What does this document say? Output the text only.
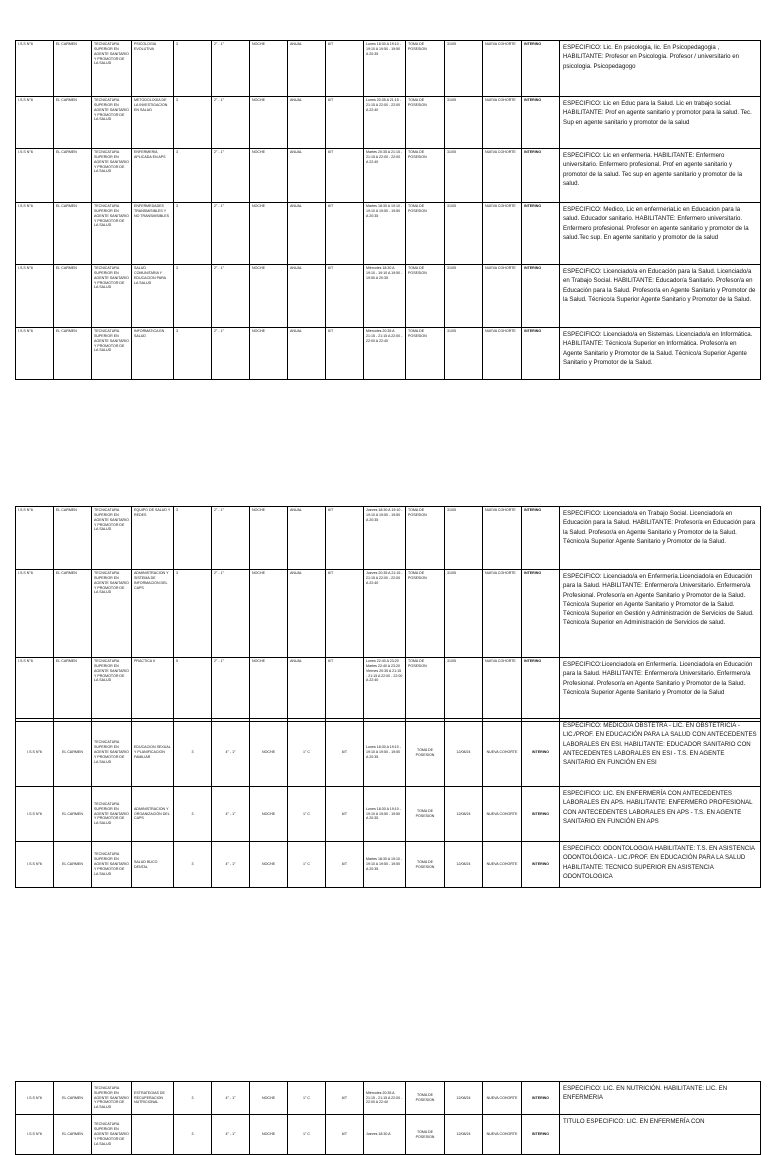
I.S.S N°6	EL CARMEN	TECNICATURA SUPERIOR EN AGENTE SANITARIO Y PROMOTOR DE LA SALUD	PSICOLOGIA EVOLUTIVA	3	2° - 1°	NOCHE	ANUAL	6/T	Lunes 18:30 A 19:10 - 19:10 A 19:50 - 19:50 A 20:35	TOMA DE POSESION	31/05	NUEVA COHORTE	INTERINO	ESPECIFICO: Lic. En psicologia, lic. En Psicopedagogia , HABILITANTE: Profesor en Psicologia. Profesor / universitario en psicologia. Psicopedagogo
I.S.S N°6	EL CARMEN	TECNICATURA SUPERIOR EN AGENTE SANITARIO Y PROMOTOR DE LA SALUD	METODOLOGIA DE LA INVESTIGACION EN SALUD	3	2° - 1°	NOCHE	ANUAL	6/T	Lunes 20:35 A 21:15 - 21:15 A 22:00 - 22:00 A 22:40	TOMA DE POSESION	31/05	NUEVA COHORTE	INTERINO	ESPECIFICO: Lic en Educ para la Salud. Lic en trabajo social. HABILITANTE: Prof en agente sanitario y promotor para la salud. Tec. Sup en agente sanitario y promotor de la salud
I.S.S N°6	EL CARMEN	TECNICATURA SUPERIOR EN AGENTE SANITARIO Y PROMOTOR DE LA SALUD	ENFERMERIA APLICADA EN APS	3	2° - 1°	NOCHE	ANUAL	6/T	Martes 20:35 A 21:15 - 21:15 A 22:00 - 22:00 A 22:40	TOMA DE POSESION	31/05	NUEVA COHORTE	INTERINO	ESPECIFICO: Lic en enfermeria. HABILITANTE: Enfermero universitario. Enfermero profesional. Prof en agente sanitario y promotor de la salud. Tec sup en agente sanitario y promotor de la salud.
I.S.S N°6	EL CARMEN	TECNICATURA SUPERIOR EN AGENTE SANITARIO Y PROMOTOR DE LA SALUD	ENFERMEDADES TRANSMISIBLES Y NO TRANSMISIBLES	3	2° - 1°	NOCHE	ANUAL	6/T	Martes 18:30 A 19:10 - 19:10 A 19:50 - 19:50 A 20:35	TOMA DE POSESION	31/05	NUEVA COHORTE	INTERINO	ESPECIFICO: Medico, Lic en enfermeriaLic en Educacion para la salud. Educador sanitario. HABILITANTE: Enfermero universitario. Enfermero profesional. Profesor en agente sanitario y promotor de la salud.Tec sup. En agente sanitario y promotor de la salud
I.S.S N°6	EL CARMEN	TECNICATURA SUPERIOR EN AGENTE SANITARIO Y PROMOTOR DE LA SALUD	SALUD COMUNITARIA Y EDUCACION PARA LA SALUD	3	2° - 1°	NOCHE	ANUAL	6/T	Miércoles 18:30 A 19:10 - 19:10 A 19:50 - 19:50 A 20:35	TOMA DE POSESION	31/05	NUEVA COHORTE	INTERINO	ESPECIFICO: Licenciado/a en Educación para la Salud. Licenciado/a en Trabajo Social. HABILITANTE: Educador/a Sanitario. Profesor/a en Educación para la Salud. Profesor/a en Agente Sanitario y Promotor de la Salud. Técnico/a Superior Agente Sanitario y Promotor de la Salud.
I.S.S N°6	EL CARMEN	TECNICATURA SUPERIOR EN AGENTE SANITARIO Y PROMOTOR DE LA SALUD	INFORMATICA EN SALUD	3	2° - 1°	NOCHE	ANUAL	6/T	Miércoles 20:35 A 21:15 - 21:15 A 22:00 - 22:00 A 22:40	TOMA DE POSESION	31/05	NUEVA COHORTE	INTERINO	ESPECIFICO: Licenciado/a en Sistemas. Licenciado/a en Informática. HABILITANTE: Técnico/a Superior en Informática. Profesor/a en Agente Sanitario y Promotor de la Salud. Técnico/a Superior Agente Sanitario y Promotor de la Salud.
I.S.S N°6	EL CARMEN	TECNICATURA SUPERIOR EN AGENTE SANITARIO Y PROMOTOR DE LA SALUD	EQUIPO DE SALUD Y REDES	3	2° - 1°	NOCHE	ANUAL	6/T	Jueves 18:30 A 19:10 - 19:10 A 19:50 - 19:50 A 20:35	TOMA DE POSESION	31/05	NUEVA COHORTE	INTERINO	ESPECIFICO: Licenciado/a en Trabajo Social. Licenciado/a en Educación para la Salud. HABILITANTE: Profesor/a en Educación para la Salud. Profesor/a en Agente Sanitario y Promotor de la Salud. Técnico/a Superior Agente Sanitario y Promotor de la Salud.
I.S.S N°6	EL CARMEN	TECNICATURA SUPERIOR EN AGENTE SANITARIO Y PROMOTOR DE LA SALUD	ADMINISTRACION Y SISTEMA DE INFORMACION DEL CAPS	3	2° - 1°	NOCHE	ANUAL	6/T	Jueves 20:35 A 21:15 - 21:15 A 22:00 - 22:00 A 22:40	TOMA DE POSESION	31/05	NUEVA COHORTE	INTERINO	ESPECIFICO: Licenciado/a en Enfermería.Licenciado/a en Educación para la Salud. HABILITANTE: Enfermero/a Universitario. Enfermero/a Profesional. Profesor/a en Agente Sanitario y Promotor de la Salud. Técnico/a Superior en Agente Sanitario y Promotor de la Salud. Técnico/a Superior en Gestión y Administración de Servicios de Salud. Técnico/a Superior en Administración de Servicios de salud.
I.S.S N°6	EL CARMEN	TECNICATURA SUPERIOR EN AGENTE SANITARIO Y PROMOTOR DE LA SALUD	PRACTICA II	5	2° - 1°	NOCHE	ANUAL	6/T	Lunes 22:40 A 23:20 Martes 22:40 A 23:20 Viernes 20:35 A 21:15 - 21:15 A 22:00 - 22:00 A 22:40	TOMA DE POSESION	31/05	NUEVA COHORTE	INTERINO	ESPECIFICO:Licenciado/a en Enfermería. Licenciado/a en Educación para la Salud. HABILITANTE: Enfermero/a Universitario. Enfermero/a Profesional. Profesor/a en Agente Sanitario y Promotor de la Salud. Técnico/a Superior Agente Sanitario y Promotor de la Salud
I.S.S N°6	EL CARMEN	TECNICATURA SUPERIOR EN AGENTE SANITARIO Y PROMOTOR DE LA SALUD	EDUCACION SEXUAL Y PLANIFICACION FAMILIAR	3	4° - 1°	NOCHE	1° C	6/T	Lunes 18:30 A 19:10 - 19:10 A 19:50 - 19:50 A 20:35	TOMA DE POSESION	12/08/24	NUEVA COHORTE	INTERINO	ESPECIFICO: MÉDICO/A OBSTETRA - LIC. EN OBSTETRICIA - LIC./PROF. EN EDUCACIÓN PARA LA SALUD CON ANTECEDENTES LABORALES EN ESI. HABILITANTE: EDUCADOR SANITARIO CON ANTECEDENTES LABORALES EN ESI - T.S. EN AGENTE SANITARIO EN FUNCIÓN EN ESI
I.S.S N°6	EL CARMEN	TECNICATURA SUPERIOR EN AGENTE SANITARIO Y PROMOTOR DE LA SALUD	ADMINISTRACION Y ORGANIZACIÓN DEL CAPS	3	4° - 1°	NOCHE	1° C	6/T	Lunes 18:30 A 19:10 - 19:10 A 19:50 - 19:50 A 20:35	TOMA DE POSESION	12/08/24	NUEVA COHORTE	INTERINO	ESPECIFICO: LIC. EN ENFERMERÍA CON ANTECEDENTES LABORALES EN APS. HABILITANTE: ENFERMERO PROFESIONAL CON ANTECEDENTES LABORALES EN APS - T.S. EN AGENTE SANITARIO EN FUNCIÓN EN APS
I.S.S N°6	EL CARMEN	TECNICATURA SUPERIOR EN AGENTE SANITARIO Y PROMOTOR DE LA SALUD	SALUD BUCO DENTAL	3	4° - 1°	NOCHE	1° C	6/T	Martes 18:30 A 19:10 - 19:10 A 19:50 - 19:50 A 20:35	TOMA DE POSESION	12/08/24	NUEVA COHORTE	INTERINO	ESPECIFICO: ODONTOLOGO/A HABILITANTE: T.S. EN ASISTENCIA ODONTOLÓGICA - LIC./PROF. EN EDUCACIÓN PARA LA SALUD HABILITANTE: TECNICO SUPERIOR EN ASISTENCIA ODONTOLOGICA
I.S.S N°6	EL CARMEN	TECNICATURA SUPERIOR EN AGENTE SANITARIO Y PROMOTOR DE LA SALUD	ESTRATEGIAS DE RECUPERACION NUTRICIONAL	3	4° - 1°	NOCHE	1° C	6/T	Miércoles 20:35 A 21:15 - 21:15 A 22:00 - 22:00 A 22:40	TOMA DE POSESION	12/08/24	NUEVA COHORTE	INTERINO	ESPECIFICO: LIC. EN NUTRICIÓN. HABILITANTE: LIC. EN ENFERMERIA
I.S.S N°6	EL CARMEN	TECNICATURA SUPERIOR EN AGENTE SANITARIO Y PROMOTOR DE LA SALUD		3	4° - 1°	NOCHE	1° C	6/T	Jueves 18:30 A	TOMA DE POSESION	12/08/24	NUEVA COHORTE	INTERINO	TITULO ESPECIFICO: LIC. EN ENFERMERÍA CON
